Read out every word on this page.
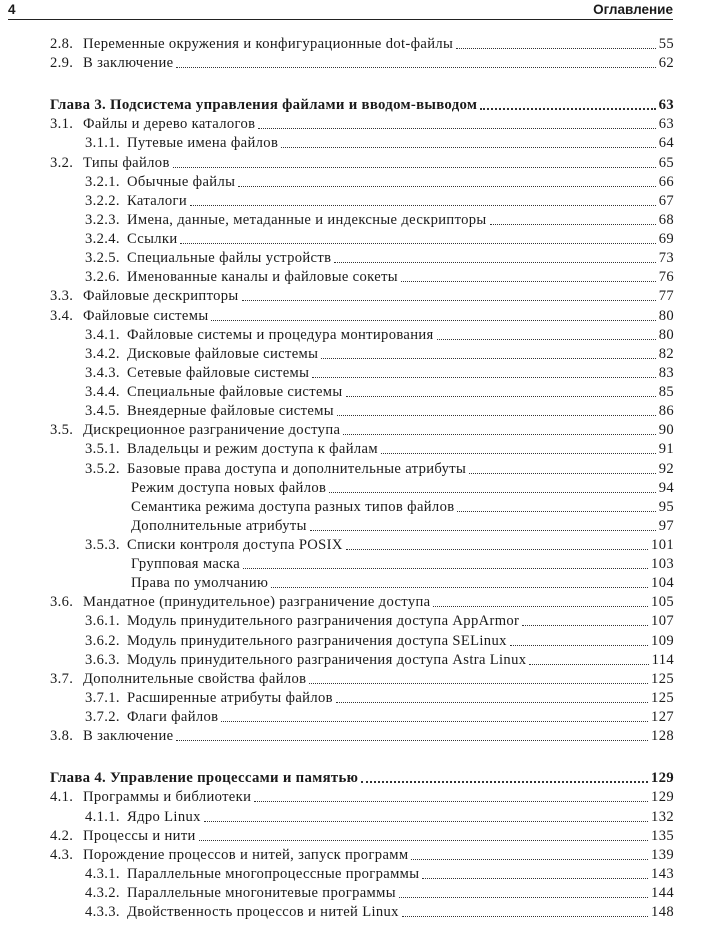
4	Оглавление
2.8. Переменные окружения и конфигурационные dot-файлы	55
2.9. В заключение	62
Глава 3. Подсистема управления файлами и вводом-выводом	63
3.1. Файлы и дерево каталогов	63
3.1.1. Путевые имена файлов	64
3.2. Типы файлов	65
3.2.1. Обычные файлы	66
3.2.2. Каталоги	67
3.2.3. Имена, данные, метаданные и индексные дескрипторы	68
3.2.4. Ссылки	69
3.2.5. Специальные файлы устройств	73
3.2.6. Именованные каналы и файловые сокеты	76
3.3. Файловые дескрипторы	77
3.4. Файловые системы	80
3.4.1. Файловые системы и процедура монтирования	80
3.4.2. Дисковые файловые системы	82
3.4.3. Сетевые файловые системы	83
3.4.4. Специальные файловые системы	85
3.4.5. Внеядерные файловые системы	86
3.5. Дискреционное разграничение доступа	90
3.5.1. Владельцы и режим доступа к файлам	91
3.5.2. Базовые права доступа и дополнительные атрибуты	92
Режим доступа новых файлов	94
Семантика режима доступа разных типов файлов	95
Дополнительные атрибуты	97
3.5.3. Списки контроля доступа POSIX	101
Групповая маска	103
Права по умолчанию	104
3.6. Мандатное (принудительное) разграничение доступа	105
3.6.1. Модуль принудительного разграничения доступа AppArmor	107
3.6.2. Модуль принудительного разграничения доступа SELinux	109
3.6.3. Модуль принудительного разграничения доступа Astra Linux	114
3.7. Дополнительные свойства файлов	125
3.7.1. Расширенные атрибуты файлов	125
3.7.2. Флаги файлов	127
3.8. В заключение	128
Глава 4. Управление процессами и памятью	129
4.1. Программы и библиотеки	129
4.1.1. Ядро Linux	132
4.2. Процессы и нити	135
4.3. Порождение процессов и нитей, запуск программ	139
4.3.1. Параллельные многопроцессные программы	143
4.3.2. Параллельные многонитевые программы	144
4.3.3. Двойственность процессов и нитей Linux	148
